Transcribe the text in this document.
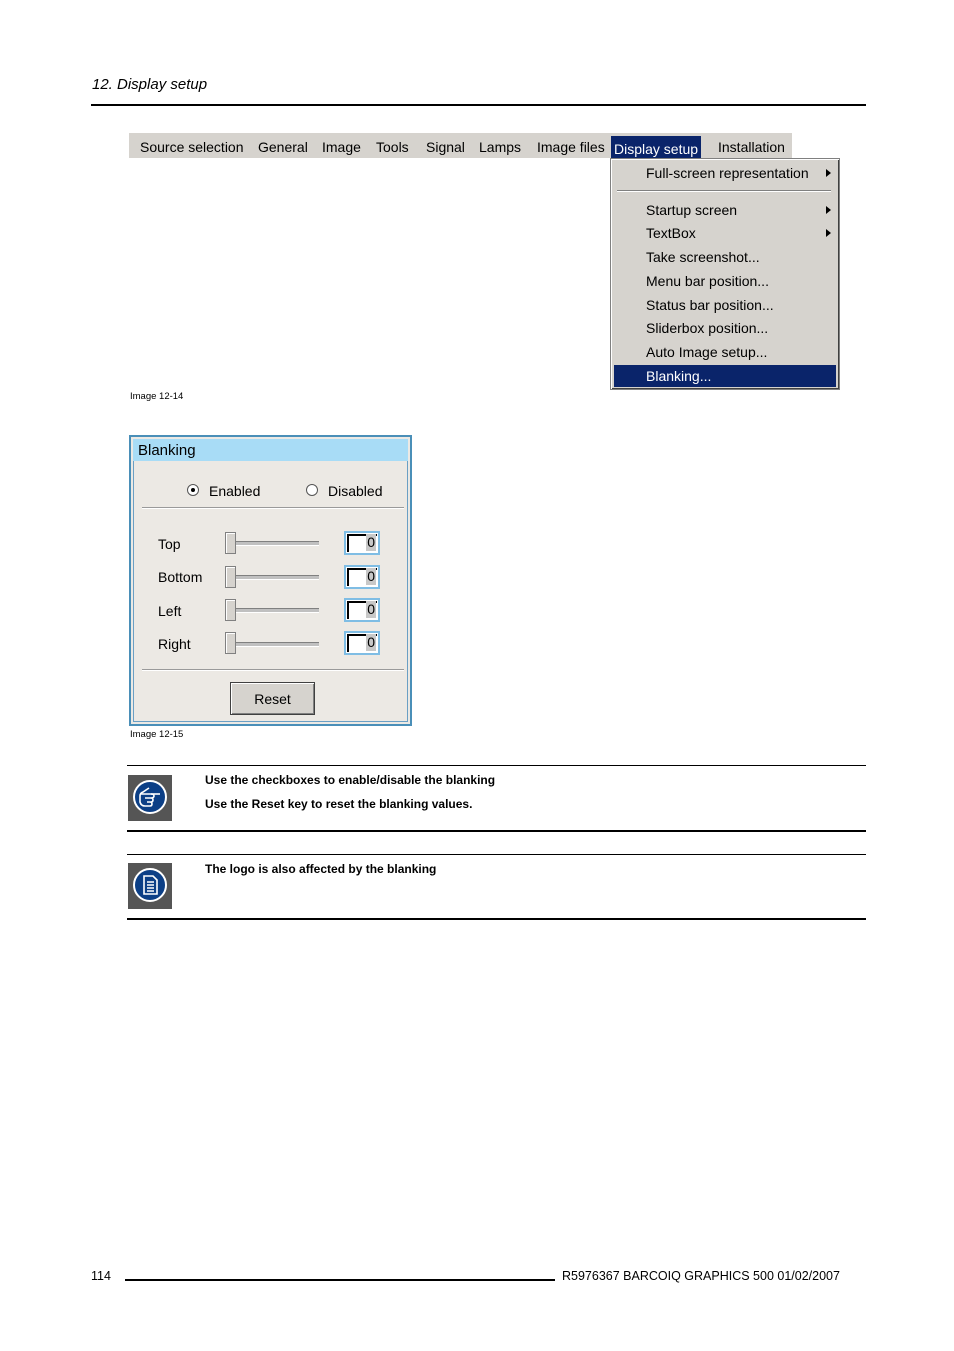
12. Display setup
Source selection General Image Tools Signal Lamps Image files Display setup Installation
Full-screen representation
Startup screen
TextBox
Take screenshot...
Menu bar position...
Status bar position...
Sliderbox position...
Auto Image setup...
Blanking...
Image 12-14
Blanking
Enabled	Disabled
Top	0
Bottom	0
Left	0
Right	0
Reset
Image 12-15
Use the checkboxes to enable/disable the blanking
Use the Reset key to reset the blanking values.
The logo is also affected by the blanking
114	R5976367 BARCOIQ GRAPHICS 500 01/02/2007
